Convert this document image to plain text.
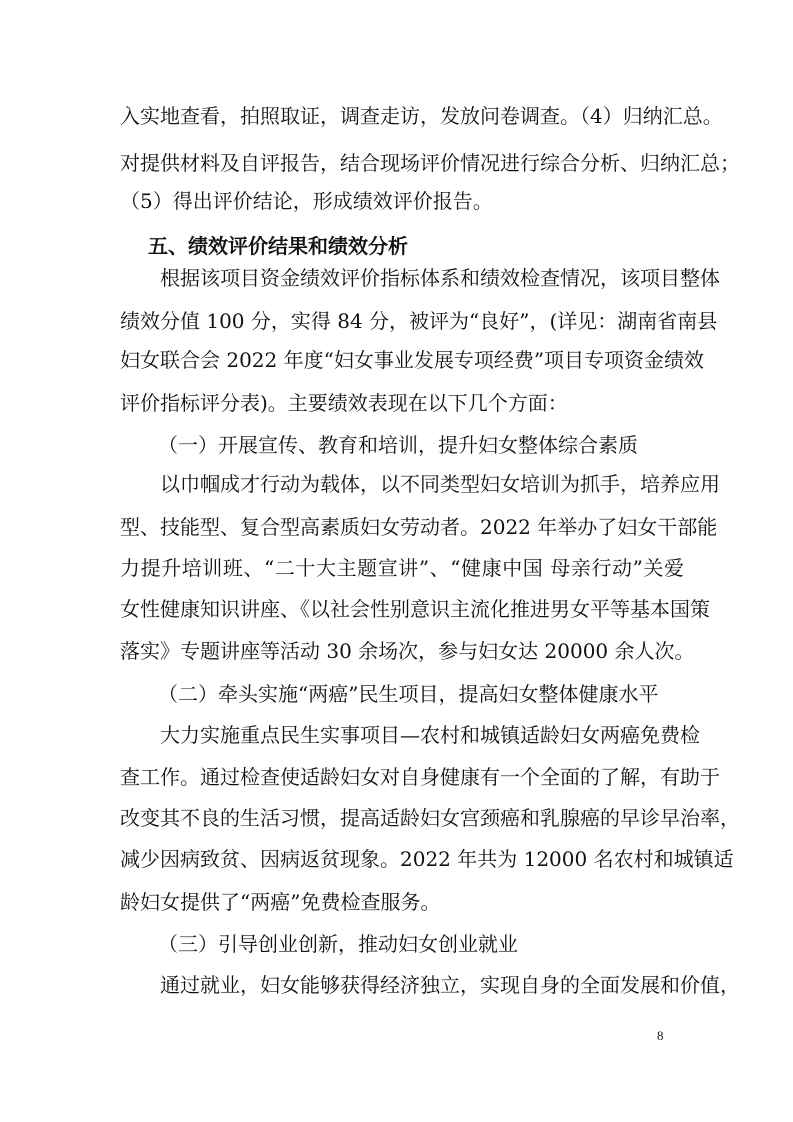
入实地查看，拍照取证，调查走访，发放问卷调查。（4）归纳汇总。
对提供材料及自评报告，结合现场评价情况进行综合分析、归纳汇总；
（5）得出评价结论，形成绩效评价报告。
五、绩效评价结果和绩效分析
根据该项目资金绩效评价指标体系和绩效检查情况，该项目整体
绩效分值 100 分，实得 84 分，被评为“良好”，(详见：湖南省南县
妇女联合会 2022 年度“妇女事业发展专项经费”项目专项资金绩效
评价指标评分表)。主要绩效表现在以下几个方面：
（一）开展宣传、教育和培训，提升妇女整体综合素质
以巾帼成才行动为载体，以不同类型妇女培训为抓手，培养应用
型、技能型、复合型高素质妇女劳动者。2022 年举办了妇女干部能
力提升培训班、“二十大主题宣讲”、“健康中国 母亲行动”关爱
女性健康知识讲座、《以社会性别意识主流化推进男女平等基本国策
落实》专题讲座等活动 30 余场次，参与妇女达 20000 余人次。
（二）牵头实施“两癌”民生项目，提高妇女整体健康水平
大力实施重点民生实事项目—农村和城镇适龄妇女两癌免费检
查工作。通过检查使适龄妇女对自身健康有一个全面的了解，有助于
改变其不良的生活习惯，提高适龄妇女宫颈癌和乳腺癌的早诊早治率，
减少因病致贫、因病返贫现象。2022 年共为 12000 名农村和城镇适
龄妇女提供了“两癌”免费检查服务。
（三）引导创业创新，推动妇女创业就业
通过就业，妇女能够获得经济独立，实现自身的全面发展和价值，
8
